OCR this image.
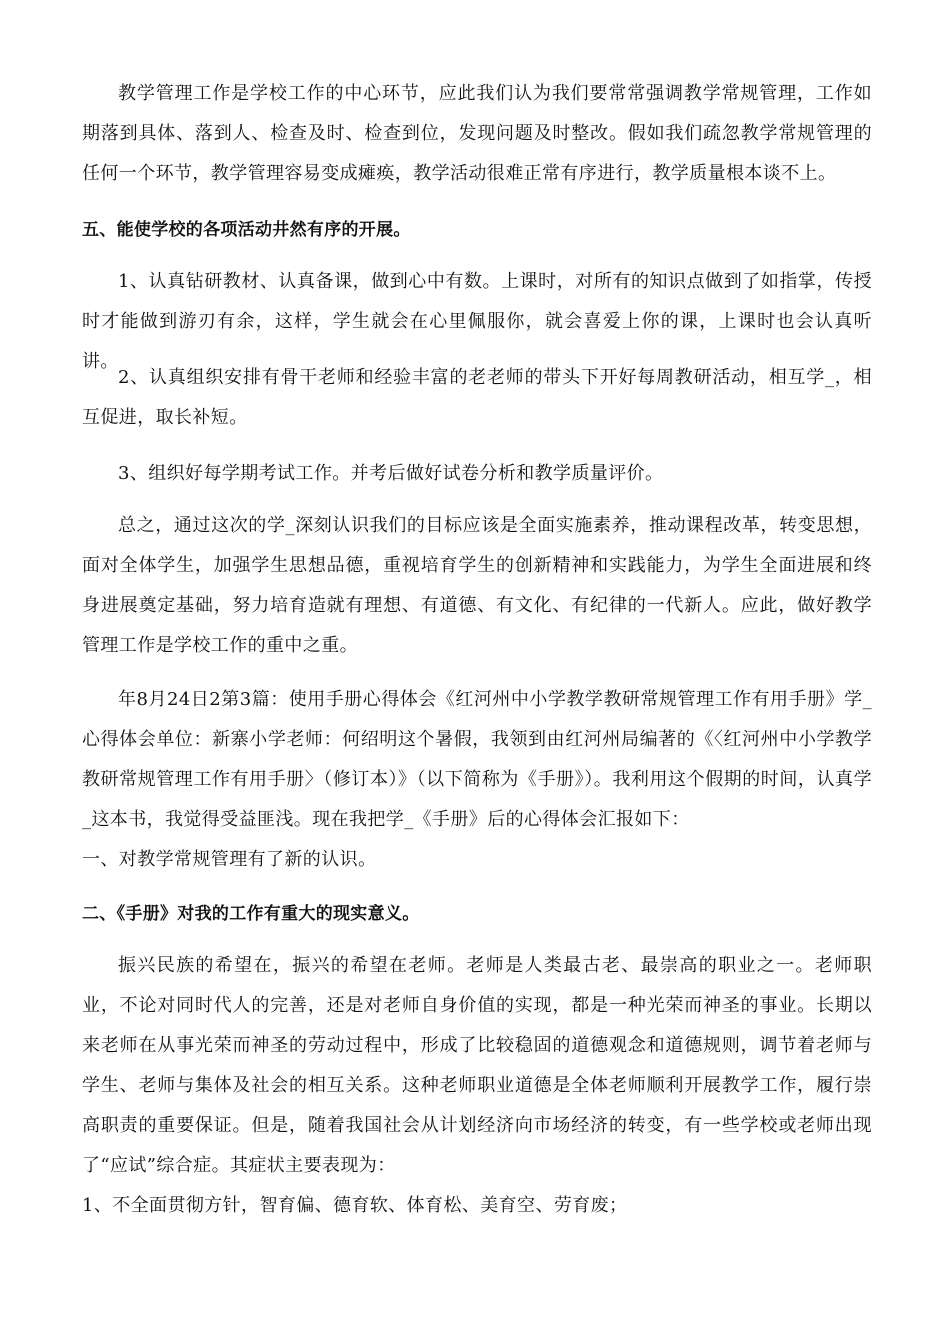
教学管理工作是学校工作的中心环节，应此我们认为我们要常常强调教学常规管理，工作如期落到具体、落到人、检查及时、检查到位，发现问题及时整改。假如我们疏忽教学常规管理的任何一个环节，教学管理容易变成瘫痪，教学活动很难正常有序进行，教学质量根本谈不上。

五、能使学校的各项活动井然有序的开展。

1、认真钻研教材、认真备课，做到心中有数。上课时，对所有的知识点做到了如指掌，传授时才能做到游刃有余，这样，学生就会在心里佩服你，就会喜爱上你的课，上课时也会认真听讲。

2、认真组织安排有骨干老师和经验丰富的老老师的带头下开好每周教研活动，相互学_，相互促进，取长补短。

3、组织好每学期考试工作。并考后做好试卷分析和教学质量评价。

总之，通过这次的学_深刻认识我们的目标应该是全面实施素养，推动课程改革，转变思想，面对全体学生，加强学生思想品德，重视培育学生的创新精神和实践能力，为学生全面进展和终身进展奠定基础，努力培育造就有理想、有道德、有文化、有纪律的一代新人。应此，做好教学管理工作是学校工作的重中之重。

年8月24日2第3篇：使用手册心得体会《红河州中小学教学教研常规管理工作有用手册》学_心得体会单位：新寨小学老师：何绍明这个暑假，我领到由红河州局编著的《〈红河州中小学教学教研常规管理工作有用手册〉（修订本）》（以下简称为《手册》）。我利用这个假期的时间，认真学_这本书，我觉得受益匪浅。现在我把学_《手册》后的心得体会汇报如下：

一、对教学常规管理有了新的认识。

二、《手册》对我的工作有重大的现实意义。

振兴民族的希望在，振兴的希望在老师。老师是人类最古老、最崇高的职业之一。老师职业，不论对同时代人的完善，还是对老师自身价值的实现，都是一种光荣而神圣的事业。长期以来老师在从事光荣而神圣的劳动过程中，形成了比较稳固的道德观念和道德规则，调节着老师与学生、老师与集体及社会的相互关系。这种老师职业道德是全体老师顺利开展教学工作，履行崇高职责的重要保证。但是，随着我国社会从计划经济向市场经济的转变，有一些学校或老师出现了“应试”综合症。其症状主要表现为：

1、不全面贯彻方针，智育偏、德育软、体育松、美育空、劳育废；
